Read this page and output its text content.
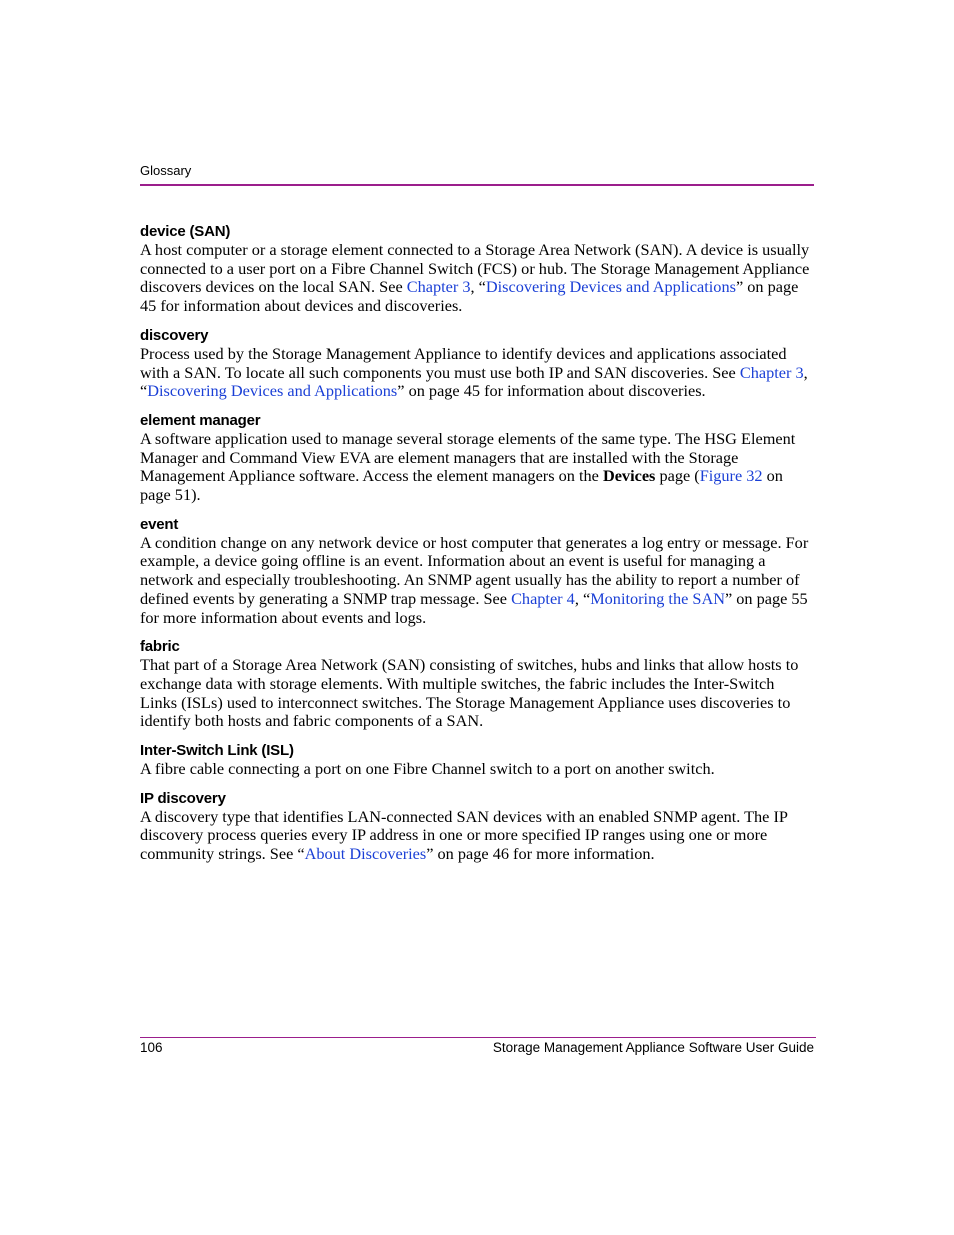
Glossary

device (SAN)

A host computer or a storage element connected to a Storage Area Network (SAN). A device is usually connected to a user port on a Fibre Channel Switch (FCS) or hub. The Storage Management Appliance discovers devices on the local SAN. See Chapter 3, “Discovering Devices and Applications” on page 45 for information about devices and discoveries.

discovery

Process used by the Storage Management Appliance to identify devices and applications associated with a SAN. To locate all such components you must use both IP and SAN discoveries. See Chapter 3, “Discovering Devices and Applications” on page 45 for information about discoveries.

element manager

A software application used to manage several storage elements of the same type. The HSG Element Manager and Command View EVA are element managers that are installed with the Storage Management Appliance software. Access the element managers on the Devices page (Figure 32 on page 51).

event

A condition change on any network device or host computer that generates a log entry or message. For example, a device going offline is an event. Information about an event is useful for managing a network and especially troubleshooting. An SNMP agent usually has the ability to report a number of defined events by generating a SNMP trap message. See Chapter 4, “Monitoring the SAN” on page 55 for more information about events and logs.

fabric

That part of a Storage Area Network (SAN) consisting of switches, hubs and links that allow hosts to exchange data with storage elements. With multiple switches, the fabric includes the Inter-Switch Links (ISLs) used to interconnect switches. The Storage Management Appliance uses discoveries to identify both hosts and fabric components of a SAN.

Inter-Switch Link (ISL)

A fibre cable connecting a port on one Fibre Channel switch to a port on another switch.

IP discovery

A discovery type that identifies LAN-connected SAN devices with an enabled SNMP agent. The IP discovery process queries every IP address in one or more specified IP ranges using one or more community strings. See “About Discoveries” on page 46 for more information.

106	Storage Management Appliance Software User Guide
